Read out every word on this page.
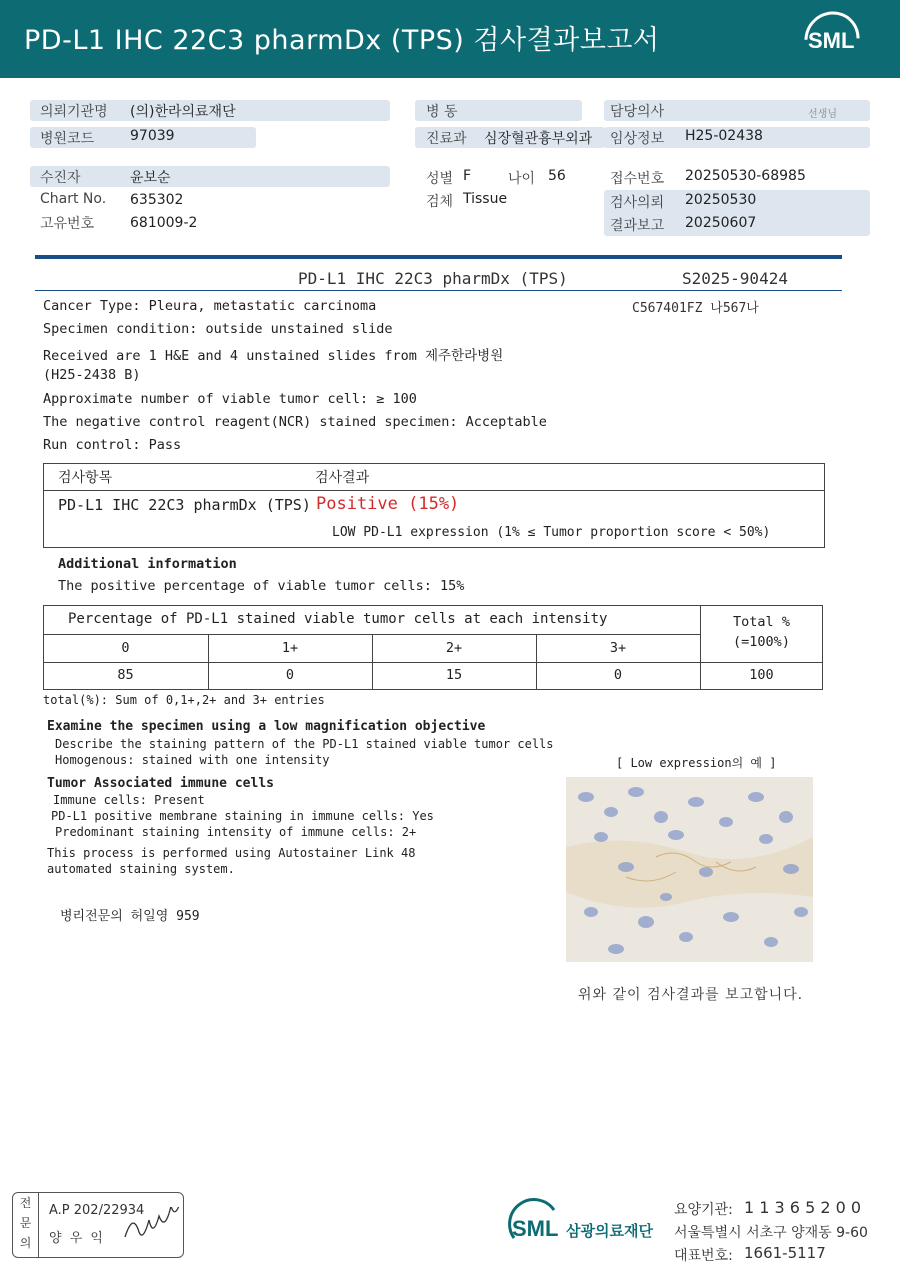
PD-L1 IHC 22C3 pharmDx (TPS) 검사결과보고서	SML
의뢰기관명 (의)한라의료재단
병원코드	97039
병 동
진료과 심장혈관흉부외과
담당의사	선생님
임상정보 H25-02438
수진자	윤보순
Chart No. 635302
고유번호	681009-2
성별 F	나이 56
검체 Tissue
접수번호 20250530-68985
검사의뢰 20250530
결과보고 20250607
PD-L1 IHC 22C3 pharmDx (TPS)	S2025-90424
C567401FZ 나567나
Cancer Type: Pleura, metastatic carcinoma
Specimen condition: outside unstained slide
Received are 1 H&E and 4 unstained slides from 제주한라병원
(H25-2438 B)
Approximate number of viable tumor cell: ≥ 100
The negative control reagent(NCR) stained specimen: Acceptable
Run control: Pass
검사항목	검사결과
PD-L1 IHC 22C3 pharmDx (TPS) Positive (15%)
LOW PD-L1 expression (1% ≤ Tumor proportion score < 50%)
Additional information
The positive percentage of viable tumor cells: 15%
Percentage of PD-L1 stained viable tumor cells at each intensity	Total %
(=100%)
0	1+	2+	3+
85	0	15	0	100
total(%): Sum of 0,1+,2+ and 3+ entries
Examine the specimen using a low magnification objective
Describe the staining pattern of the PD-L1 stained viable tumor cells
Homogenous: stained with one intensity	[ Low expression의 예 ]
Tumor Associated immune cells
Immune cells: Present
PD-L1 positive membrane staining in immune cells: Yes
Predominant staining intensity of immune cells: 2+
This process is performed using Autostainer Link 48
automated staining system.
병리전문의 허일영 959
위와 같이 검사결과를 보고합니다.
전
문
의
A.P 202/22934
양 우 익	SML 삼광의료재단
요양기관: 1 1 3 6 5 2 0 0
서울특별시 서초구 양재동 9-60
대표번호: 1661-5117
